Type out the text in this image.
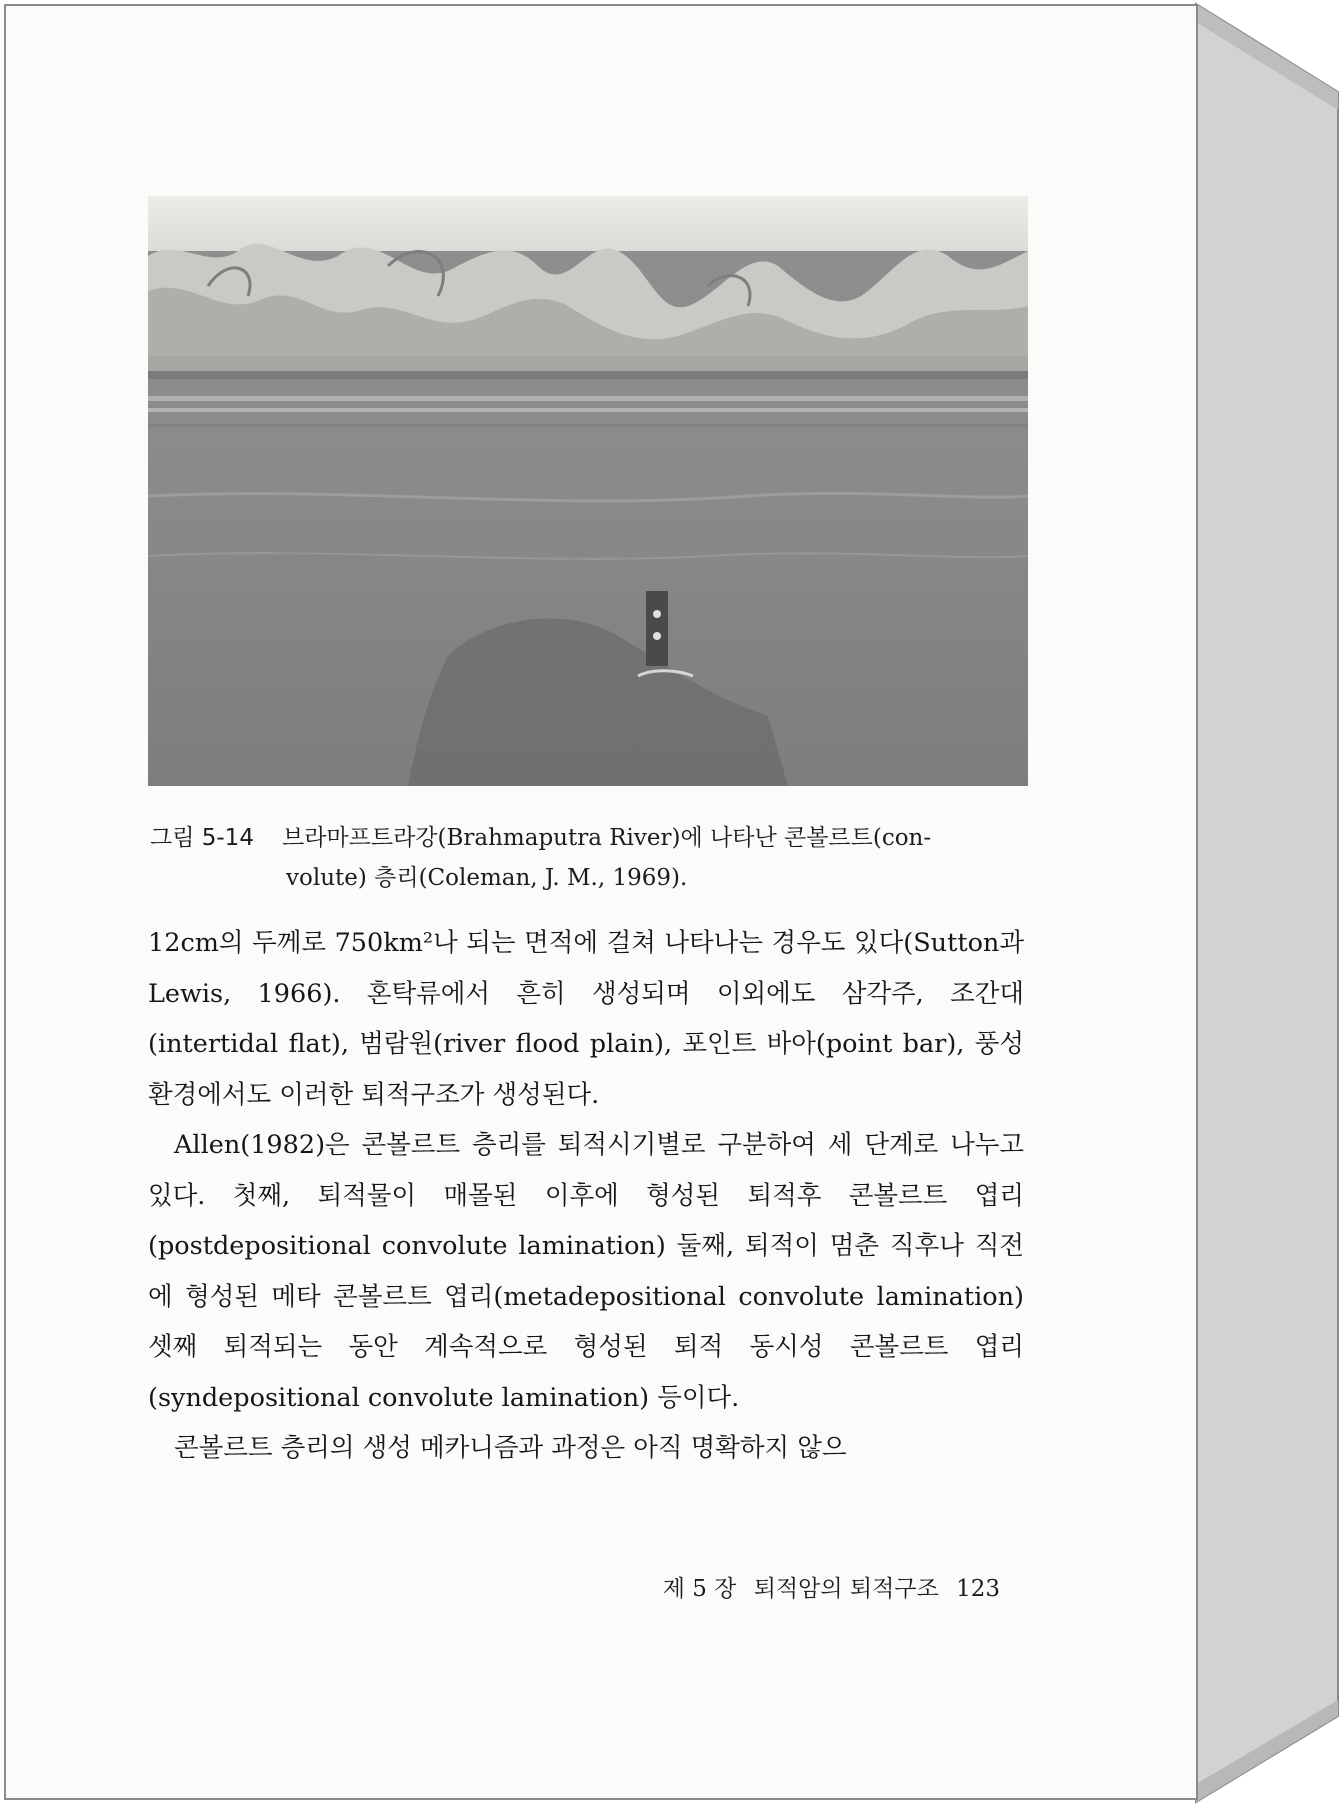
그림 5-14 브라마프트라강(Brahmaputra River)에 나타난 콘볼르트(con-
volute) 층리(Coleman, J. M., 1969).

12cm의 두께로 750km²나 되는 면적에 걸쳐 나타나는 경우도 있다(Sutton과 Lewis, 1966). 혼탁류에서 흔히 생성되며 이외에도 삼각주, 조간대(intertidal flat), 범람원(river flood plain), 포인트 바아(point bar), 풍성 환경에서도 이러한 퇴적구조가 생성된다.

Allen(1982)은 콘볼르트 층리를 퇴적시기별로 구분하여 세 단계로 나누고 있다. 첫째, 퇴적물이 매몰된 이후에 형성된 퇴적후 콘볼르트 엽리(postdepositional convolute lamination) 둘째, 퇴적이 멈춘 직후나 직전에 형성된 메타 콘볼르트 엽리(metadepositional convolute lamination) 셋째 퇴적되는 동안 계속적으로 형성된 퇴적 동시성 콘볼르트 엽리(syndepositional convolute lamination) 등이다.

콘볼르트 층리의 생성 메카니즘과 과정은 아직 명확하지 않으

제 5 장 퇴적암의 퇴적구조 123
